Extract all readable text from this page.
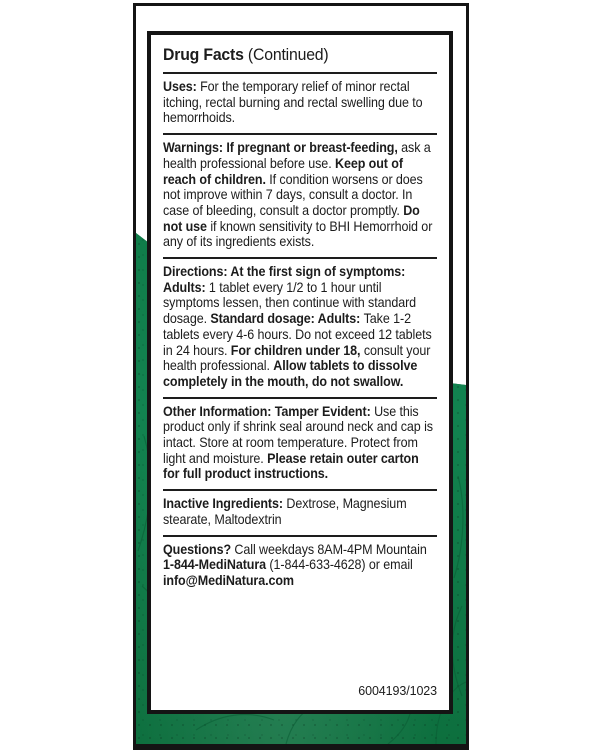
Drug Facts (Continued)

Uses: For the temporary relief of minor rectal itching, rectal burning and rectal swelling due to hemorrhoids.

Warnings: If pregnant or breast-feeding, ask a health professional before use. Keep out of reach of children. If condition worsens or does not improve within 7 days, consult a doctor. In case of bleeding, consult a doctor promptly. Do not use if known sensitivity to BHI Hemorrhoid or any of its ingredients exists.

Directions: At the first sign of symptoms: Adults: 1 tablet every 1/2 to 1 hour until symptoms lessen, then continue with standard dosage. Standard dosage: Adults: Take 1-2 tablets every 4-6 hours. Do not exceed 12 tablets in 24 hours. For children under 18, consult your health professional. Allow tablets to dissolve completely in the mouth, do not swallow.

Other Information: Tamper Evident: Use this product only if shrink seal around neck and cap is intact. Store at room temperature. Protect from light and moisture. Please retain outer carton for full product instructions.

Inactive Ingredients: Dextrose, Magnesium stearate, Maltodextrin

Questions? Call weekdays 8AM-4PM Mountain 1-844-MediNatura (1-844-633-4628) or email info@MediNatura.com

6004193/1023
